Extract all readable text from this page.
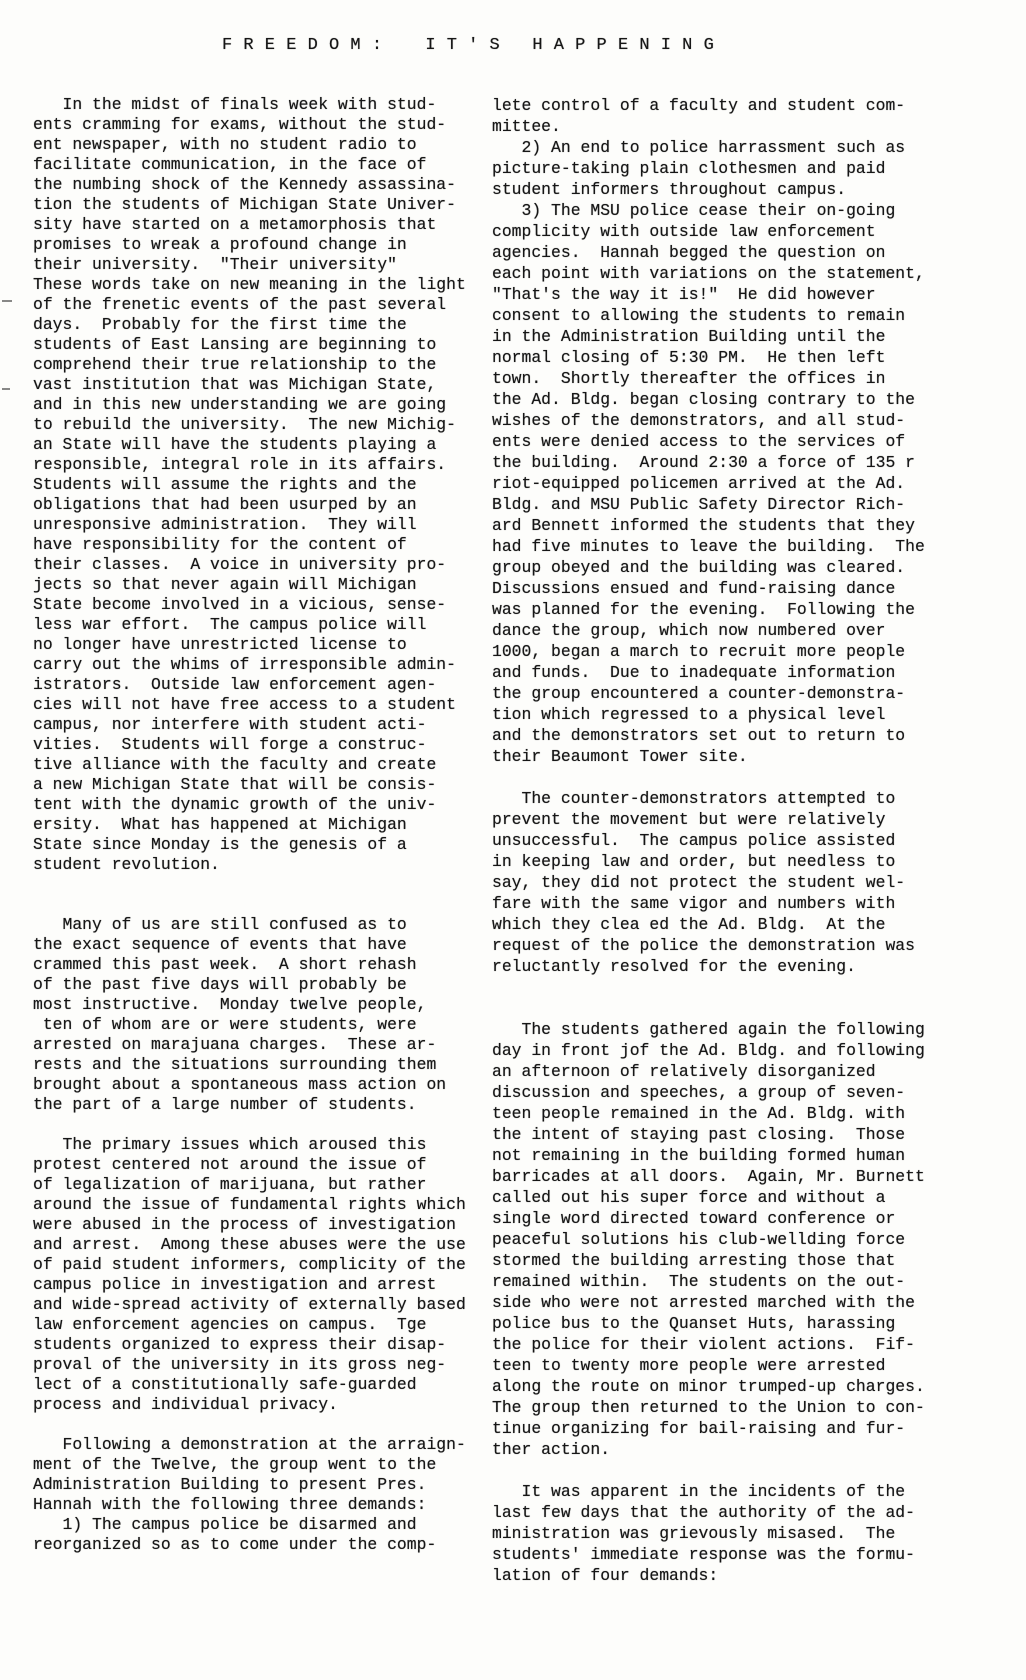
F R E E D O M :    I T ' S   H A P P E N I N G
In the midst of finals week with stud-
ents cramming for exams, without the stud-
ent newspaper, with no student radio to
facilitate communication, in the face of
the numbing shock of the Kennedy assassina-
tion the students of Michigan State Univer-
sity have started on a metamorphosis that
promises to wreak a profound change in
their university.  "Their university"
These words take on new meaning in the light
of the frenetic events of the past several
days.  Probably for the first time the
students of East Lansing are beginning to
comprehend their true relationship to the
vast institution that was Michigan State,
and in this new understanding we are going
to rebuild the university.  The new Michig-
an State will have the students playing a
responsible, integral role in its affairs.
Students will assume the rights and the
obligations that had been usurped by an
unresponsive administration.  They will
have responsibility for the content of
their classes.  A voice in university pro-
jects so that never again will Michigan
State become involved in a vicious, sense-
less war effort.  The campus police will
no longer have unrestricted license to
carry out the whims of irresponsible admin-
istrators.  Outside law enforcement agen-
cies will not have free access to a student
campus, nor interfere with student acti-
vities.  Students will forge a construc-
tive alliance with the faculty and create
a new Michigan State that will be consis-
tent with the dynamic growth of the univ-
ersity.  What has happened at Michigan
State since Monday is the genesis of a
student revolution.

Many of us are still confused as to
the exact sequence of events that have
crammed this past week.  A short rehash
of the past five days will probably be
most instructive.  Monday twelve people,
ten of whom are or were students, were
arrested on marajuana charges.  These ar-
rests and the situations surrounding them
brought about a spontaneous mass action on
the part of a large number of students.

The primary issues which aroused this
protest centered not around the issue of
of legalization of marijuana, but rather
around the issue of fundamental rights which
were abused in the process of investigation
and arrest.  Among these abuses were the use
of paid student informers, complicity of the
campus police in investigation and arrest
and wide-spread activity of externally based
law enforcement agencies on campus.  Tge
students organized to express their disap-
proval of the university in its gross neg-
lect of a constitutionally safe-guarded
process and individual privacy.

Following a demonstration at the arraign-
ment of the Twelve, the group went to the
Administration Building to present Pres.
Hannah with the following three demands:
1) The campus police be disarmed and
reorganized so as to come under the comp-
lete control of a faculty and student com-
mittee.
2) An end to police harrassment such as
picture-taking plain clothesmen and paid
student informers throughout campus.
3) The MSU police cease their on-going
complicity with outside law enforcement
agencies.  Hannah begged the question on
each point with variations on the statement,
"That's the way it is!"  He did however
consent to allowing the students to remain
in the Administration Building until the
normal closing of 5:30 PM.  He then left
town.  Shortly thereafter the offices in
the Ad. Bldg. began closing contrary to the
wishes of the demonstrators, and all stud-
ents were denied access to the services of
the building.  Around 2:30 a force of 135 r
riot-equipped policemen arrived at the Ad.
Bldg. and MSU Public Safety Director Rich-
ard Bennett informed the students that they
had five minutes to leave the building.  The
group obeyed and the building was cleared.
Discussions ensued and fund-raising dance
was planned for the evening.  Following the
dance the group, which now numbered over
1000, began a march to recruit more people
and funds.  Due to inadequate information
the group encountered a counter-demonstra-
tion which regressed to a physical level
and the demonstrators set out to return to
their Beaumont Tower site.

The counter-demonstrators attempted to
prevent the movement but were relatively
unsuccessful.  The campus police assisted
in keeping law and order, but needless to
say, they did not protect the student wel-
fare with the same vigor and numbers with
which they clea ed the Ad. Bldg.  At the
request of the police the demonstration was
reluctantly resolved for the evening.

The students gathered again the following
day in front jof the Ad. Bldg. and following
an afternoon of relatively disorganized
discussion and speeches, a group of seven-
teen people remained in the Ad. Bldg. with
the intent of staying past closing.  Those
not remaining in the building formed human
barricades at all doors.  Again, Mr. Burnett
called out his super force and without a
single word directed toward conference or
peaceful solutions his club-wellding force
stormed the building arresting those that
remained within.  The students on the out-
side who were not arrested marched with the
police bus to the Quanset Huts, harassing
the police for their violent actions.  Fif-
teen to twenty more people were arrested
along the route on minor trumped-up charges.
The group then returned to the Union to con-
tinue organizing for bail-raising and fur-
ther action.

It was apparent in the incidents of the
last few days that the authority of the ad-
ministration was grievously misased.  The
students' immediate response was the formu-
lation of four demands:
